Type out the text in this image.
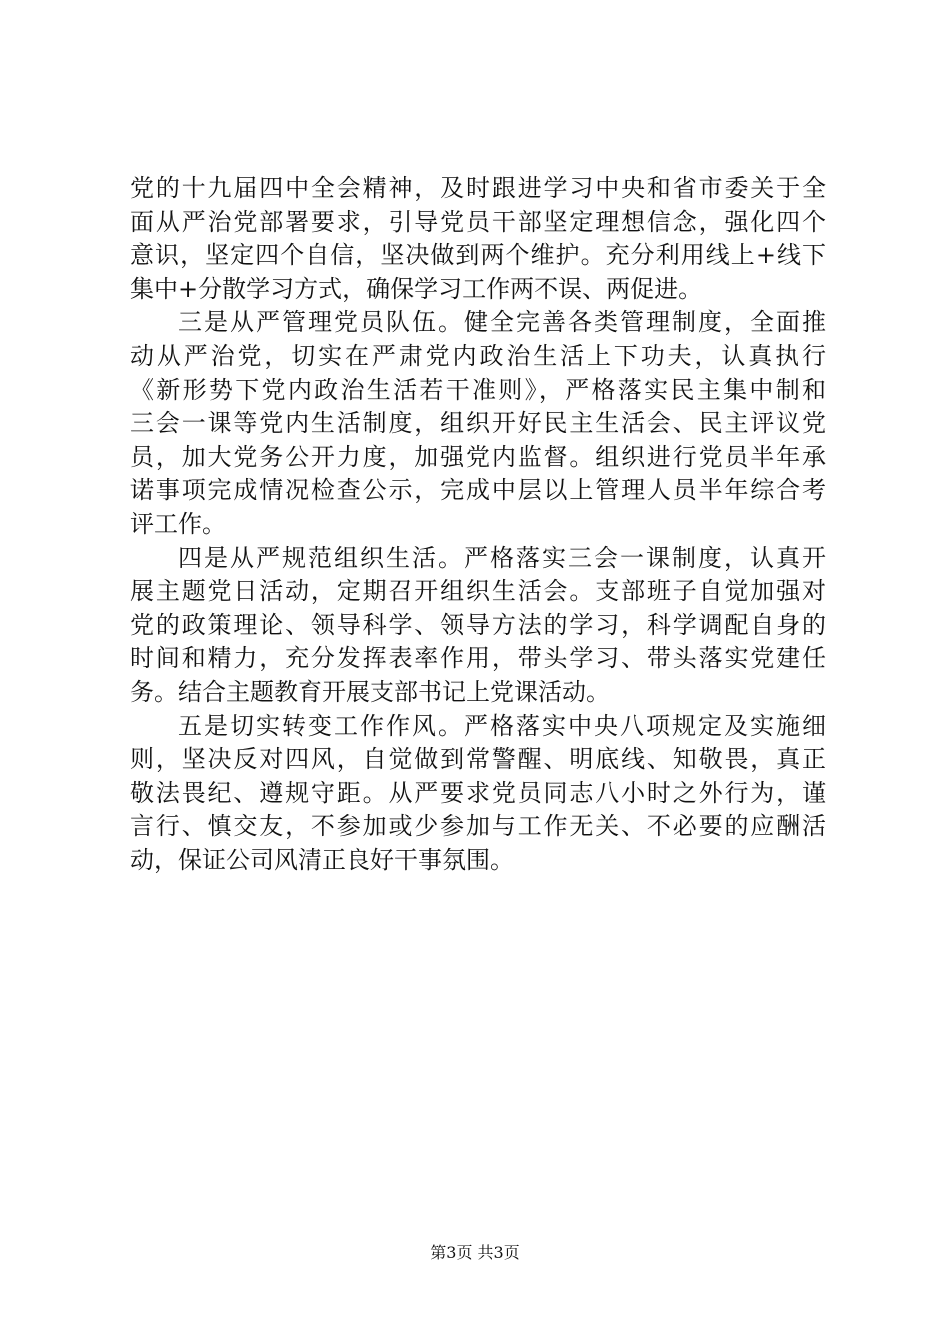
党的十九届四中全会精神，及时跟进学习中央和省市委关于全
面从严治党部署要求，引导党员干部坚定理想信念，强化四个
意识，坚定四个自信，坚决做到两个维护。充分利用线上+线下
集中+分散学习方式，确保学习工作两不误、两促进。
三是从严管理党员队伍。健全完善各类管理制度，全面推
动从严治党，切实在严肃党内政治生活上下功夫，认真执行
《新形势下党内政治生活若干准则》，严格落实民主集中制和
三会一课等党内生活制度，组织开好民主生活会、民主评议党
员，加大党务公开力度，加强党内监督。组织进行党员半年承
诺事项完成情况检查公示，完成中层以上管理人员半年综合考
评工作。
四是从严规范组织生活。严格落实三会一课制度，认真开
展主题党日活动，定期召开组织生活会。支部班子自觉加强对
党的政策理论、领导科学、领导方法的学习，科学调配自身的
时间和精力，充分发挥表率作用，带头学习、带头落实党建任
务。结合主题教育开展支部书记上党课活动。
五是切实转变工作作风。严格落实中央八项规定及实施细
则，坚决反对四风，自觉做到常警醒、明底线、知敬畏，真正
敬法畏纪、遵规守距。从严要求党员同志八小时之外行为，谨
言行、慎交友，不参加或少参加与工作无关、不必要的应酬活
动，保证公司风清正良好干事氛围。
第3页 共3页
